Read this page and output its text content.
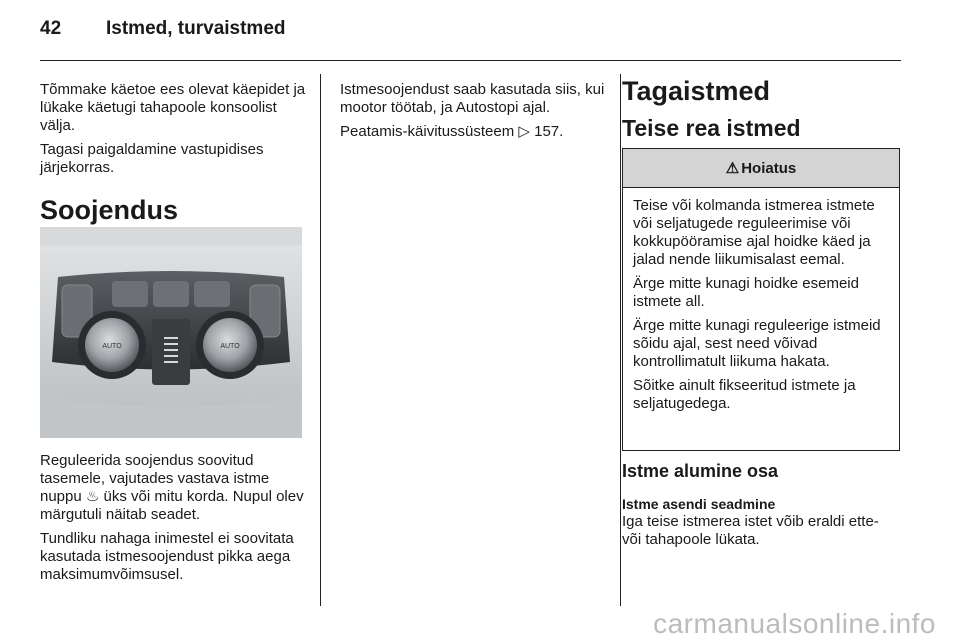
42 Istmed, turvaistmed

Tõmmake käetoe ees olevat käepidet ja lükake käetugi tahapoole konsoolist välja.

Tagasi paigaldamine vastupidises järjekorras.

Soojendus
AUTO	AUTO

Reguleerida soojendus soovitud tasemele, vajutades vastava istme nuppu ♨ üks või mitu korda. Nupul olev märgutuli näitab seadet.

Tundliku nahaga inimestel ei soovitata kasutada istmesoojendust pikka aega maksimumvõimsusel.

Istmesoojendust saab kasutada siis, kui mootor töötab, ja Autostopi ajal.

Peatamis-käivitussüsteem ▷ 157.

Tagaistmed
Teise rea istmed
⚠ Hoiatus

Teise või kolmanda istmerea istmete või seljatugede reguleerimise või kokkupööramise ajal hoidke käed ja jalad nende liikumisalast eemal.

Ärge mitte kunagi hoidke esemeid istmete all.

Ärge mitte kunagi reguleerige istmeid sõidu ajal, sest need võivad kontrollimatult liikuma hakata.

Sõitke ainult fikseeritud istmete ja seljatugedega.

Istme alumine osa
Istme asendi seadmine

Iga teise istmerea istet võib eraldi ette- või tahapoole lükata.

carmanualsonline.info
